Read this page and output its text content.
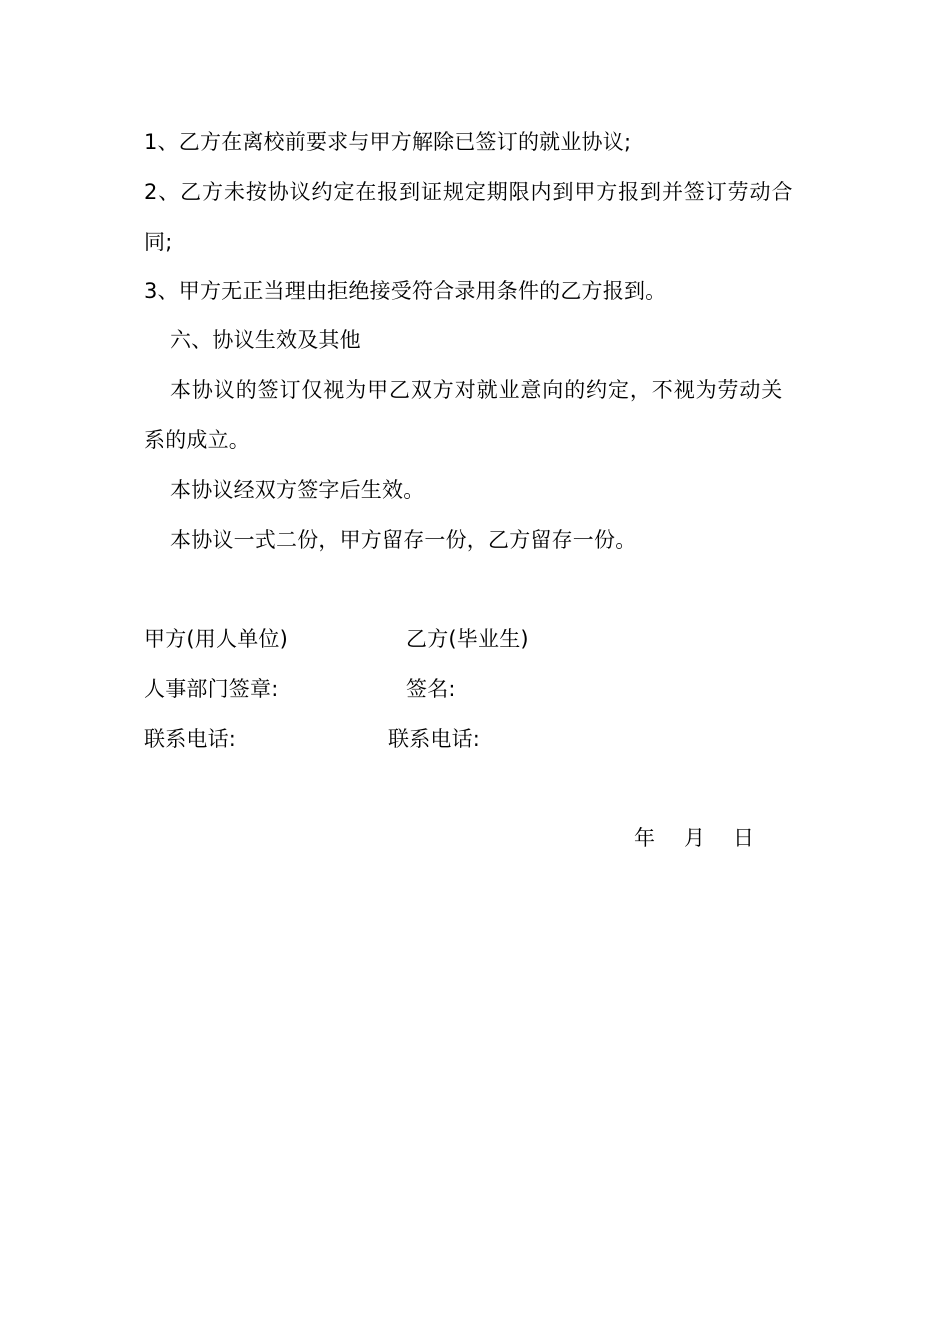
1、乙方在离校前要求与甲方解除已签订的就业协议;
2、乙方未按协议约定在报到证规定期限内到甲方报到并签订劳动合
同;
3、甲方无正当理由拒绝接受符合录用条件的乙方报到。
六、协议生效及其他
本协议的签订仅视为甲乙双方对就业意向的约定，不视为劳动关
系的成立。
本协议经双方签字后生效。
本协议一式二份，甲方留存一份，乙方留存一份。
甲方(用人单位)	乙方(毕业生)
人事部门签章:	签名:
联系电话:	联系电话:
年 月 日
